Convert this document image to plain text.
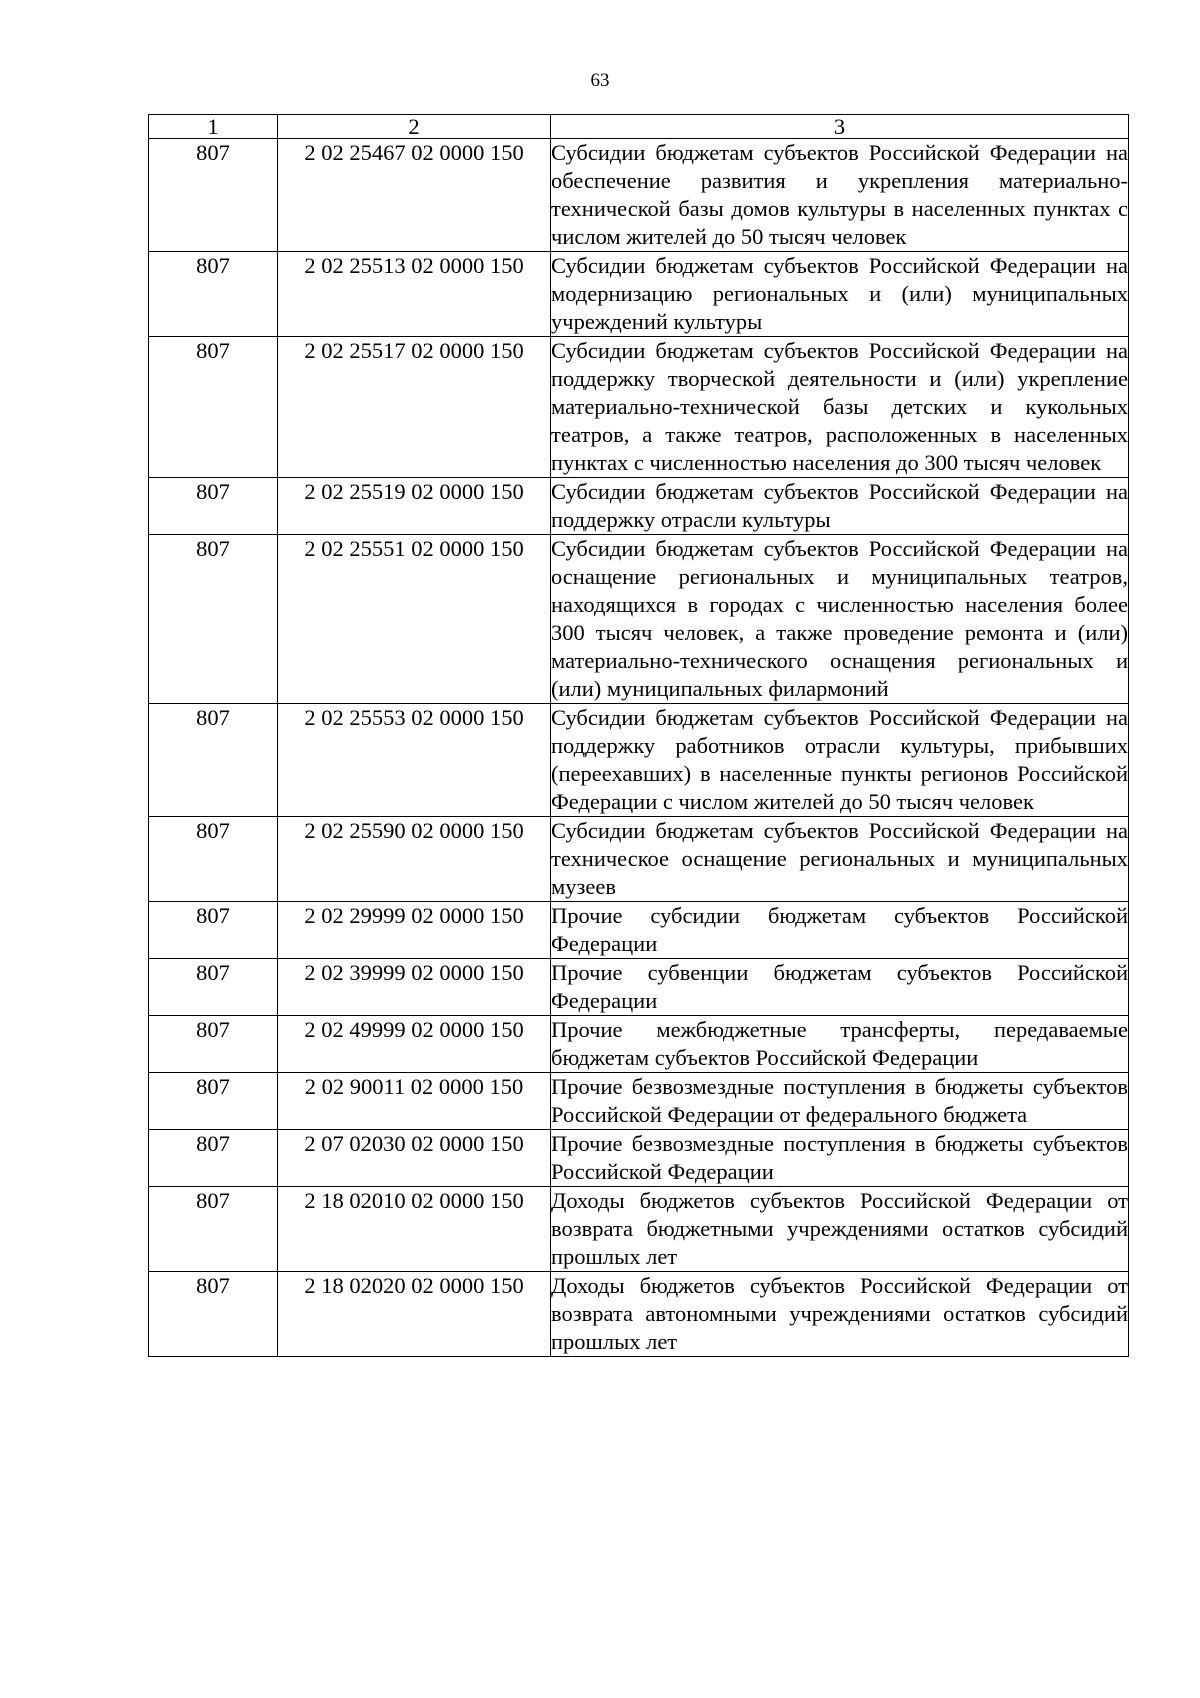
63
1	2	3
807	2 02 25467 02 0000 150	Субсидии бюджетам субъектов Российской Федерации на обеспечение развития и укрепления материально-технической базы домов культуры в населенных пунктах с числом жителей до 50 тысяч человек
807	2 02 25513 02 0000 150	Субсидии бюджетам субъектов Российской Федерации на модернизацию региональных и (или) муниципальных учреждений культуры
807	2 02 25517 02 0000 150	Субсидии бюджетам субъектов Российской Федерации на поддержку творческой деятельности и (или) укрепление материально-технической базы детских и кукольных театров, а также театров, расположенных в населенных пунктах с численностью населения до 300 тысяч человек
807	2 02 25519 02 0000 150	Субсидии бюджетам субъектов Российской Федерации на поддержку отрасли культуры
807	2 02 25551 02 0000 150	Субсидии бюджетам субъектов Российской Федерации на оснащение региональных и муниципальных театров, находящихся в городах с численностью населения более 300 тысяч человек, а также проведение ремонта и (или) материально-технического оснащения региональных и (или) муниципальных филармоний
807	2 02 25553 02 0000 150	Субсидии бюджетам субъектов Российской Федерации на поддержку работников отрасли культуры, прибывших (переехавших) в населенные пункты регионов Российской Федерации с числом жителей до 50 тысяч человек
807	2 02 25590 02 0000 150	Субсидии бюджетам субъектов Российской Федерации на техническое оснащение региональных и муниципальных музеев
807	2 02 29999 02 0000 150	Прочие субсидии бюджетам субъектов Российской Федерации
807	2 02 39999 02 0000 150	Прочие субвенции бюджетам субъектов Российской Федерации
807	2 02 49999 02 0000 150	Прочие межбюджетные трансферты, передаваемые бюджетам субъектов Российской Федерации
807	2 02 90011 02 0000 150	Прочие безвозмездные поступления в бюджеты субъектов Российской Федерации от федерального бюджета
807	2 07 02030 02 0000 150	Прочие безвозмездные поступления в бюджеты субъектов Российской Федерации
807	2 18 02010 02 0000 150	Доходы бюджетов субъектов Российской Федерации от возврата бюджетными учреждениями остатков субсидий прошлых лет
807	2 18 02020 02 0000 150	Доходы бюджетов субъектов Российской Федерации от возврата автономными учреждениями остатков субсидий прошлых лет
